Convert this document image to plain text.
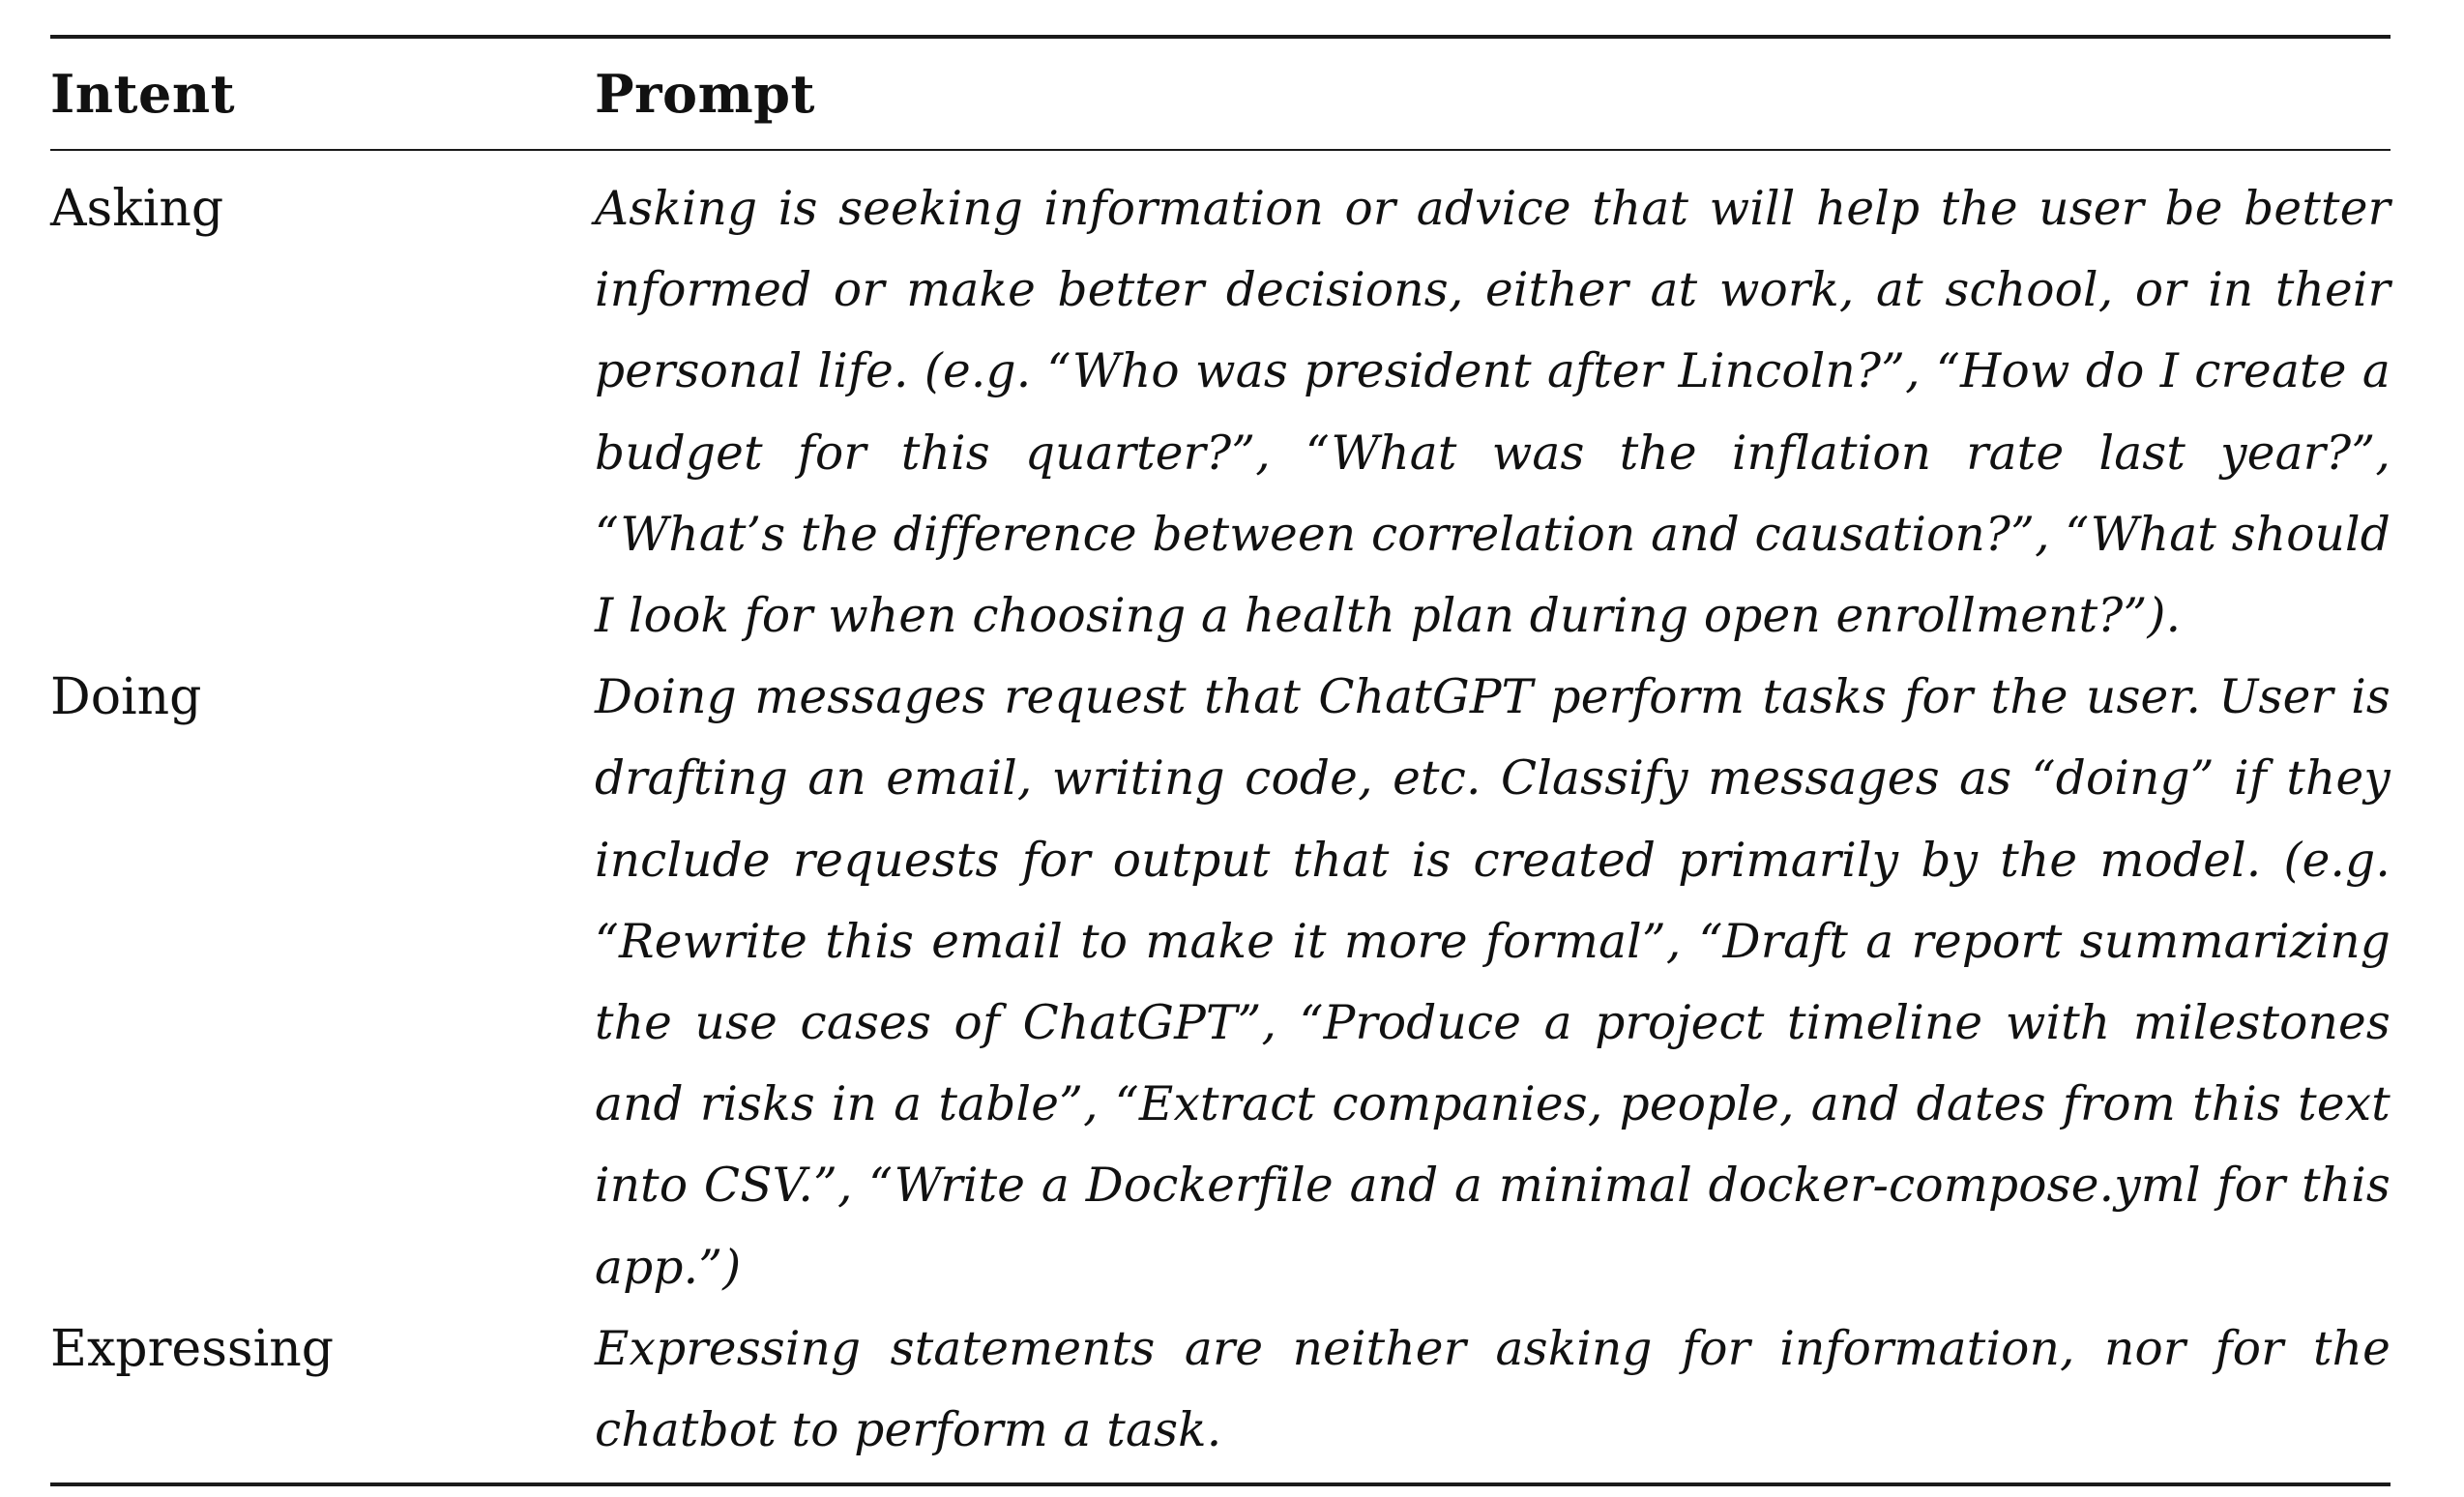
Intent	Prompt
Asking	Asking is seeking information or advice that will help the user be better informed or make better decisions, either at work, at school, or in their personal life. (e.g. “Who was president after Lincoln?”, “How do I create a budget for this quarter?”, “What was the inflation rate last year?”, “What’s the difference between correlation and causation?”, “What should I look for when choosing a health plan during open enrollment?”).
Doing	Doing messages request that ChatGPT perform tasks for the user. User is drafting an email, writing code, etc. Classify messages as “doing” if they include requests for output that is created primarily by the model. (e.g. “Rewrite this email to make it more formal”, “Draft a report summarizing the use cases of ChatGPT”, “Produce a project timeline with milestones and risks in a table”, “Extract companies, people, and dates from this text into CSV.”, “Write a Dockerfile and a minimal docker-compose.yml for this app.”)
Expressing	Expressing statements are neither asking for information, nor for the chatbot to perform a task.
